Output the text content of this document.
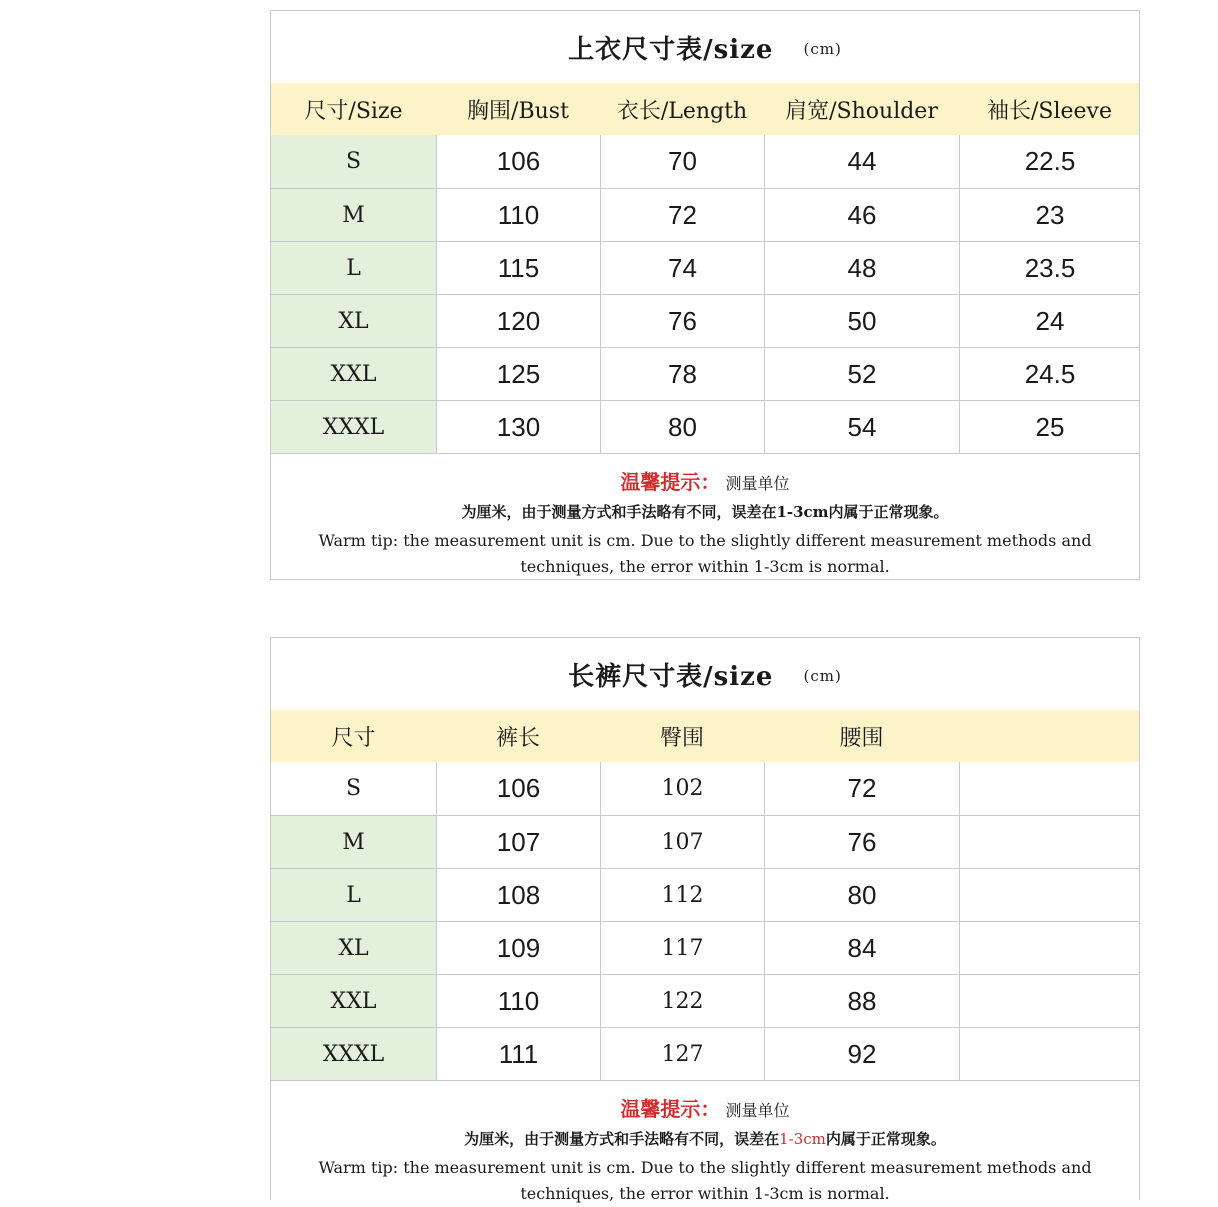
上衣尺寸表/size (cm)
尺寸/Size	胸围/Bust	衣长/Length	肩宽/Shoulder	袖长/Sleeve
S	106	70	44	22.5
M	110	72	46	23
L	115	74	48	23.5
XL	120	76	50	24
XXL	125	78	52	24.5
XXXL	130	80	54	25
温馨提示： 测量单位
为厘米，由于测量方式和手法略有不同，误差在1-3cm内属于正常现象。
Warm tip: the measurement unit is cm. Due to the slightly different measurement methods and techniques, the error within 1-3cm is normal.
长裤尺寸表/size (cm)
尺寸	裤长	臀围	腰围
S	106	102	72
M	107	107	76
L	108	112	80
XL	109	117	84
XXL	110	122	88
XXXL	111	127	92
温馨提示： 测量单位
为厘米，由于测量方式和手法略有不同，误差在1-3cm内属于正常现象。
Warm tip: the measurement unit is cm. Due to the slightly different measurement methods and techniques, the error within 1-3cm is normal.
